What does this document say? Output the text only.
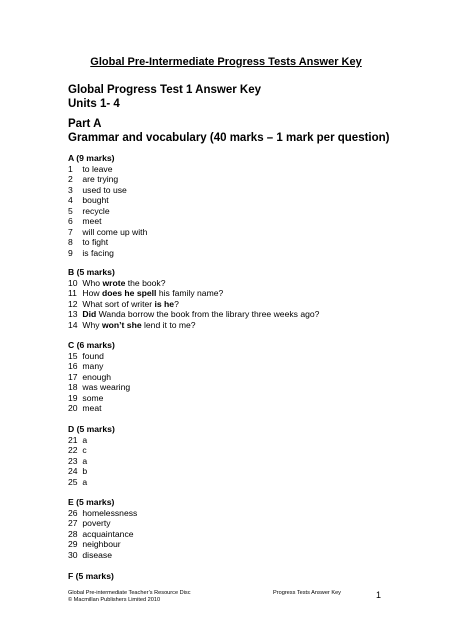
Global Pre-Intermediate Progress Tests Answer Key
Global Progress Test 1 Answer Key
Units 1- 4
Part A
Grammar and vocabulary (40 marks – 1 mark per question)
A (9 marks)
1 to leave
2 are trying
3 used to use
4 bought
5 recycle
6 meet
7 will come up with
8 to fight
9 is facing
B (5 marks)
10 Who wrote the book?
11 How does he spell his family name?
12 What sort of writer is he?
13 Did Wanda borrow the book from the library three weeks ago?
14 Why won’t she lend it to me?
C (6 marks)
15 found
16 many
17 enough
18 was wearing
19 some
20 meat
D (5 marks)
21 a
22 c
23 a
24 b
25 a
E (5 marks)
26 homelessness
27 poverty
28 acquaintance
29 neighbour
30 disease
F (5 marks)
Global Pre-intermediate Teacher’s Resource Disc
© Macmillan Publishers Limited 2010
Progress Tests Answer Key	1
